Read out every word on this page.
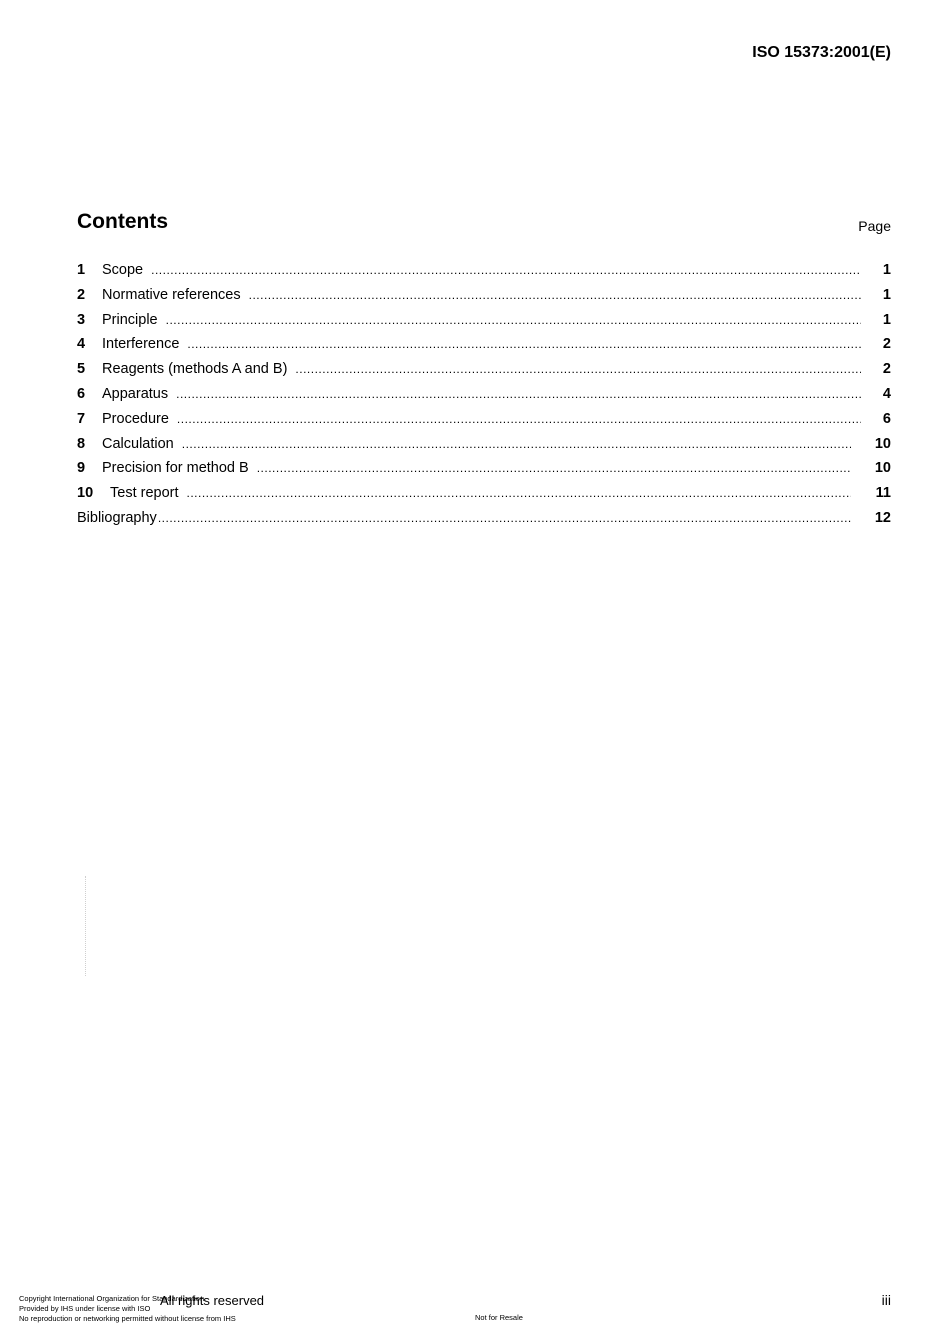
ISO 15373:2001(E)
Contents	Page
1	Scope .....	1
2	Normative references .....	1
3	Principle .....	1
4	Interference .....	2
5	Reagents (methods A and B) .....	2
6	Apparatus .....	4
7	Procedure .....	6
8	Calculation .....	10
9	Precision for method B .....	10
10	Test report .....	11
Bibliography .....	12
Copyright International Organization for Standardization
Provided by IHS under license with ISO
No reproduction or networking permitted without license from IHS
All rights reserved
Not for Resale
iii
